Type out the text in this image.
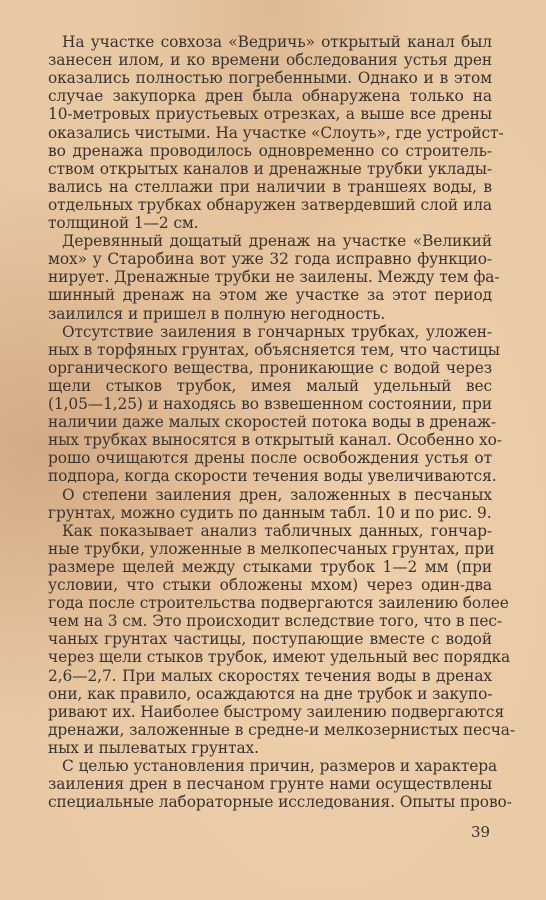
На участке совхоза «Ведричь» открытый канал был
занесен илом, и ко времени обследования устья дрен
оказались полностью погребенными. Однако и в этом
случае закупорка дрен была обнаружена только на
10-метровых приустьевых отрезках, а выше все дрены
оказались чистыми. На участке «Слоуть», где устройст-
во дренажа проводилось одновременно со строитель-
ством открытых каналов и дренажные трубки уклады-
вались на стеллажи при наличии в траншеях воды, в
отдельных трубках обнаружен затвердевший слой ила
толщиной 1—2 см.
Деревянный дощатый дренаж на участке «Великий
мох» у Старобина вот уже 32 года исправно функцио-
нирует. Дренажные трубки не заилены. Между тем фа-
шинный дренаж на этом же участке за этот период
заилился и пришел в полную негодность.
Отсутствие заиления в гончарных трубках, уложен-
ных в торфяных грунтах, объясняется тем, что частицы
органического вещества, проникающие с водой через
щели стыков трубок, имея малый удельный вес
(1,05—1,25) и находясь во взвешенном состоянии, при
наличии даже малых скоростей потока воды в дренаж-
ных трубках выносятся в открытый канал. Особенно хо-
рошо очищаются дрены после освобождения устья от
подпора, когда скорости течения воды увеличиваются.
О степени заиления дрен, заложенных в песчаных
грунтах, можно судить по данным табл. 10 и по рис. 9.
Как показывает анализ табличных данных, гончар-
ные трубки, уложенные в мелкопесчаных грунтах, при
размере щелей между стыками трубок 1—2 мм (при
условии, что стыки обложены мхом) через один-два
года после строительства подвергаются заилению более
чем на 3 см. Это происходит вследствие того, что в пес-
чаных грунтах частицы, поступающие вместе с водой
через щели стыков трубок, имеют удельный вес порядка
2,6—2,7. При малых скоростях течения воды в дренах
они, как правило, осаждаются на дне трубок и закупо-
ривают их. Наиболее быстрому заилению подвергаются
дренажи, заложенные в средне-и мелкозернистых песча-
ных и пылеватых грунтах.
С целью установления причин, размеров и характера
заиления дрен в песчаном грунте нами осуществлены
специальные лабораторные исследования. Опыты прово-
39
